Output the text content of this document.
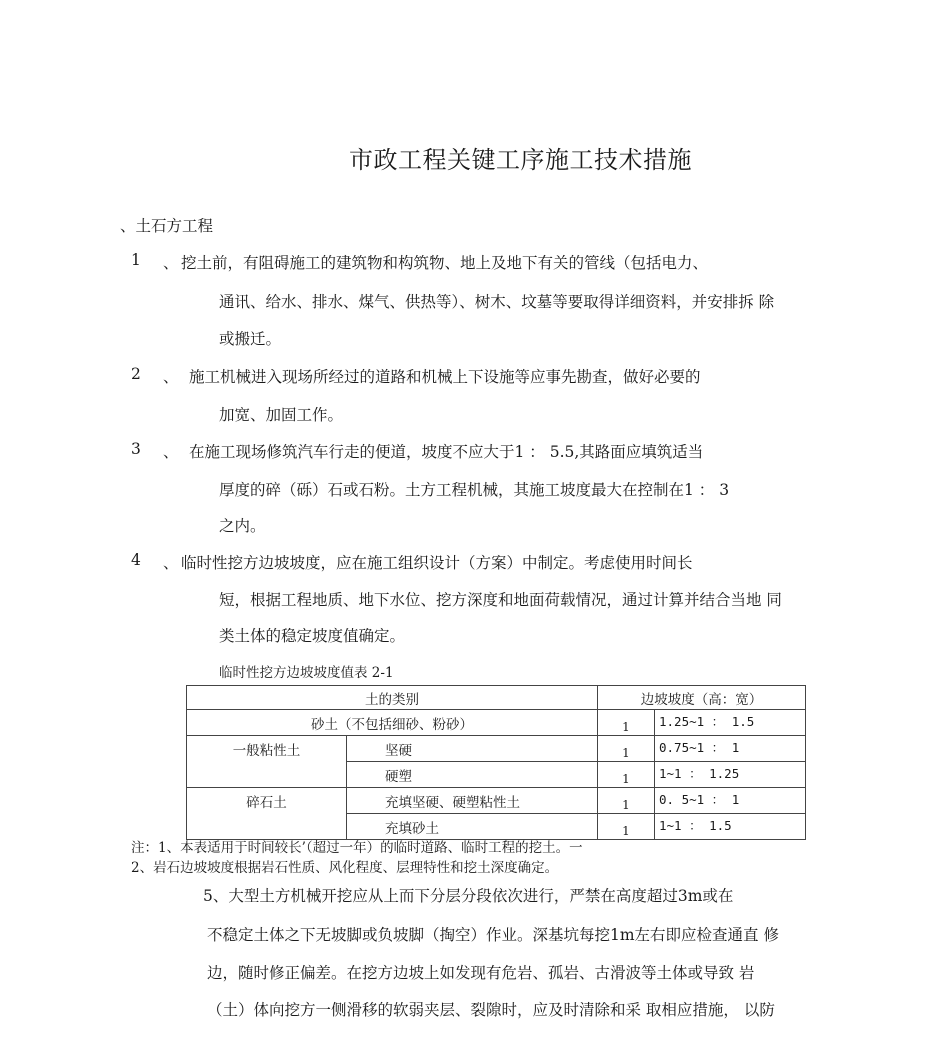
市政工程关键工序施工技术措施
、土石方工程
1 、 挖土前，有阻碍施工的建筑物和构筑物、地上及地下有关的管线（包括电力、
通讯、给水、排水、煤气、供热等）、树木、坟墓等要取得详细资料，并安排拆 除
或搬迁。
2 、 施工机械进入现场所经过的道路和机械上下设施等应事先勘查，做好必要的
加宽、加固工作。
3 、 在施工现场修筑汽车行走的便道，坡度不应大于1 ： 5.5,其路面应填筑适当
厚度的碎（砾）石或石粉。土方工程机械，其施工坡度最大在控制在1 ： 3
之内。
4 、 临时性挖方边坡坡度，应在施工组织设计（方案）中制定。考虑使用时间长
短，根据工程地质、地下水位、挖方深度和地面荷载情况，通过计算并结合当地 同
类土体的稳定坡度值确定。
临时性挖方边坡坡度值表 2-1
土的类别		边坡坡度（高：宽）	
砂土（不包括细砂、粉砂）		1	1.25~1 ： 1.5
一般粘性土	坚硬	1	0.75~1 ： 1
	硬塑	1	1~1 ： 1.25
碎石土	充填坚硬、硬塑粘性土	1	0. 5~1 ： 1
	充填砂土	1	1~1 ： 1.5
注：1、本表适用于时间较长’（超过一年）的临时道路、临时工程的挖土。一
2、岩石边坡坡度根据岩石性质、风化程度、层理特性和挖土深度确定。
5、大型土方机械开挖应从上而下分层分段依次进行，严禁在高度超过3m或在
不稳定土体之下无坡脚或负坡脚（掏空）作业。深基坑每挖1m左右即应检查通直 修
边，随时修正偏差。在挖方边坡上如发现有危岩、孤岩、古滑波等土体或导致 岩
（土）体向挖方一侧滑移的软弱夹层、裂隙时，应及时清除和采 取相应措施， 以防
